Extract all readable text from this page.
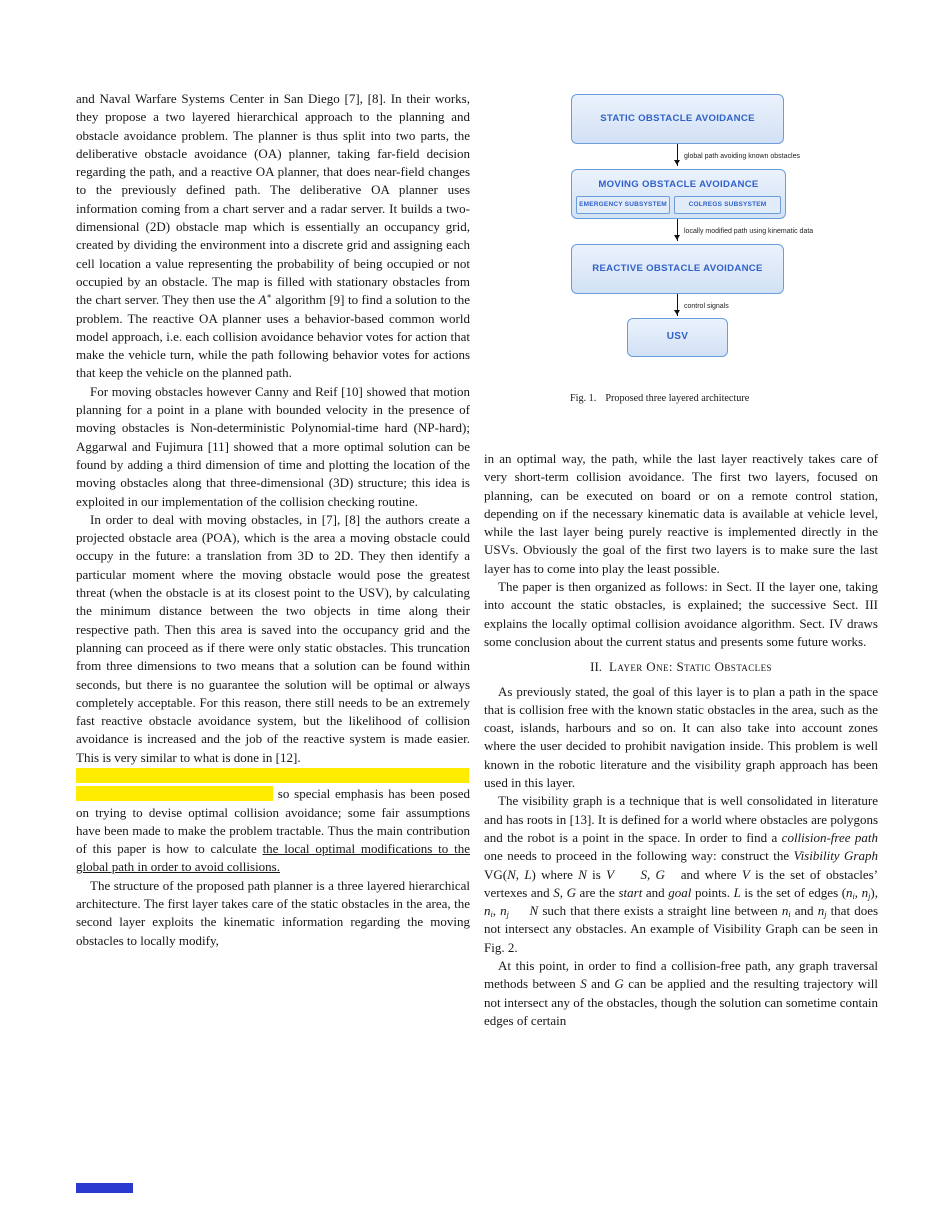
and Naval Warfare Systems Center in San Diego [7], [8]. In their works, they propose a two layered hierarchical approach to the planning and obstacle avoidance problem. The planner is thus split into two parts, the deliberative obstacle avoidance (OA) planner, taking far-field decision regarding the path, and a reactive OA planner, that does near-field changes to the previously defined path. The deliberative OA planner uses information coming from a chart server and a radar server. It builds a two-dimensional (2D) obstacle map which is essentially an occupancy grid, created by dividing the environment into a discrete grid and assigning each cell location a value representing the probability of being occupied or not occupied by an obstacle. The map is filled with stationary obstacles from the chart server. They then use the A∗ algorithm [9] to find a solution to the problem. The reactive OA planner uses a behavior-based common world model approach, i.e. each collision avoidance behavior votes for action that make the vehicle turn, while the path following behavior votes for actions that keep the vehicle on the planned path.

For moving obstacles however Canny and Reif [10] showed that motion planning for a point in a plane with bounded velocity in the presence of moving obstacles is Non-deterministic Polynomial-time hard (NP-hard); Aggarwal and Fujimura [11] showed that a more optimal solution can be found by adding a third dimension of time and plotting the location of the moving obstacles along that three-dimensional (3D) structure; this idea is exploited in our implementation of the collision checking routine.

In order to deal with moving obstacles, in [7], [8] the authors create a projected obstacle area (POA), which is the area a moving obstacle could occupy in the future: a translation from 3D to 2D. They then identify a particular moment where the moving obstacle would pose the greatest threat (when the obstacle is at its closest point to the USV), by calculating the minimum distance between the two objects in time along their respective path. Then this area is saved into the occupancy grid and the planning can proceed as if there were only static obstacles. This truncation from three dimensions to two means that a solution can be found within seconds, but there is no guarantee the solution will be optimal or always completely acceptable. For this reason, there still needs to be an extremely fast reactive obstacle avoidance system, but the likelihood of collision avoidance is increased and the job of the reactive system is made easier. This is very similar to what is done in [12].

so special emphasis has been posed on trying to devise optimal collision avoidance; some fair assumptions have been made to make the problem tractable. Thus the main contribution of this paper is how to calculate the local optimal modifications to the global path in order to avoid collisions.

The structure of the proposed path planner is a three layered hierarchical architecture. The first layer takes care of the static obstacles in the area, the second layer exploits the kinematic information regarding the moving obstacles to locally modify,

STATIC OBSTACLE AVOIDANCE
global path avoiding known obstacles
MOVING OBSTACLE AVOIDANCE
EMERGENCY SUBSYSTEM	COLREGS SUBSYSTEM
locally modified path using kinematic data
REACTIVE OBSTACLE AVOIDANCE
control signals
USV
Fig. 1. Proposed three layered architecture

in an optimal way, the path, while the last layer reactively takes care of very short-term collision avoidance. The first two layers, focused on planning, can be executed on board or on a remote control station, depending on if the necessary kinematic data is available at vehicle level, while the last layer being purely reactive is implemented directly in the USVs. Obviously the goal of the first two layers is to make sure the last layer has to come into play the least possible.

The paper is then organized as follows: in Sect. II the layer one, taking into account the static obstacles, is explained; the successive Sect. III explains the locally optimal collision avoidance algorithm. Sect. IV draws some conclusion about the current status and presents some future works.

II. Layer One: Static Obstacles

As previously stated, the goal of this layer is to plan a path in the space that is collision free with the known static obstacles in the area, such as the coast, islands, harbours and so on. It can also take into account zones where the user decided to prohibit navigation inside. This problem is well known in the robotic literature and the visibility graph approach has been used in this layer.

The visibility graph is a technique that is well consolidated in literature and has roots in [13]. It is defined for a world where obstacles are polygons and the robot is a point in the space. In order to find a collision-free path one needs to proceed in the following way: construct the Visibility Graph VG(N, L) where N is V S, G   and where V is the set of obstacles’ vertexes and S, G are the start and goal points. L is the set of edges ($n_i$, $n_j$), $n_i$, $n_j$ N such that there exists a straight line between $n_i$ and $n_j$ that does not intersect any obstacles. An example of Visibility Graph can be seen in Fig. 2.

At this point, in order to find a collision-free path, any graph traversal methods between S and G can be applied and the resulting trajectory will not intersect any of the obstacles, though the solution can sometime contain edges of certain
